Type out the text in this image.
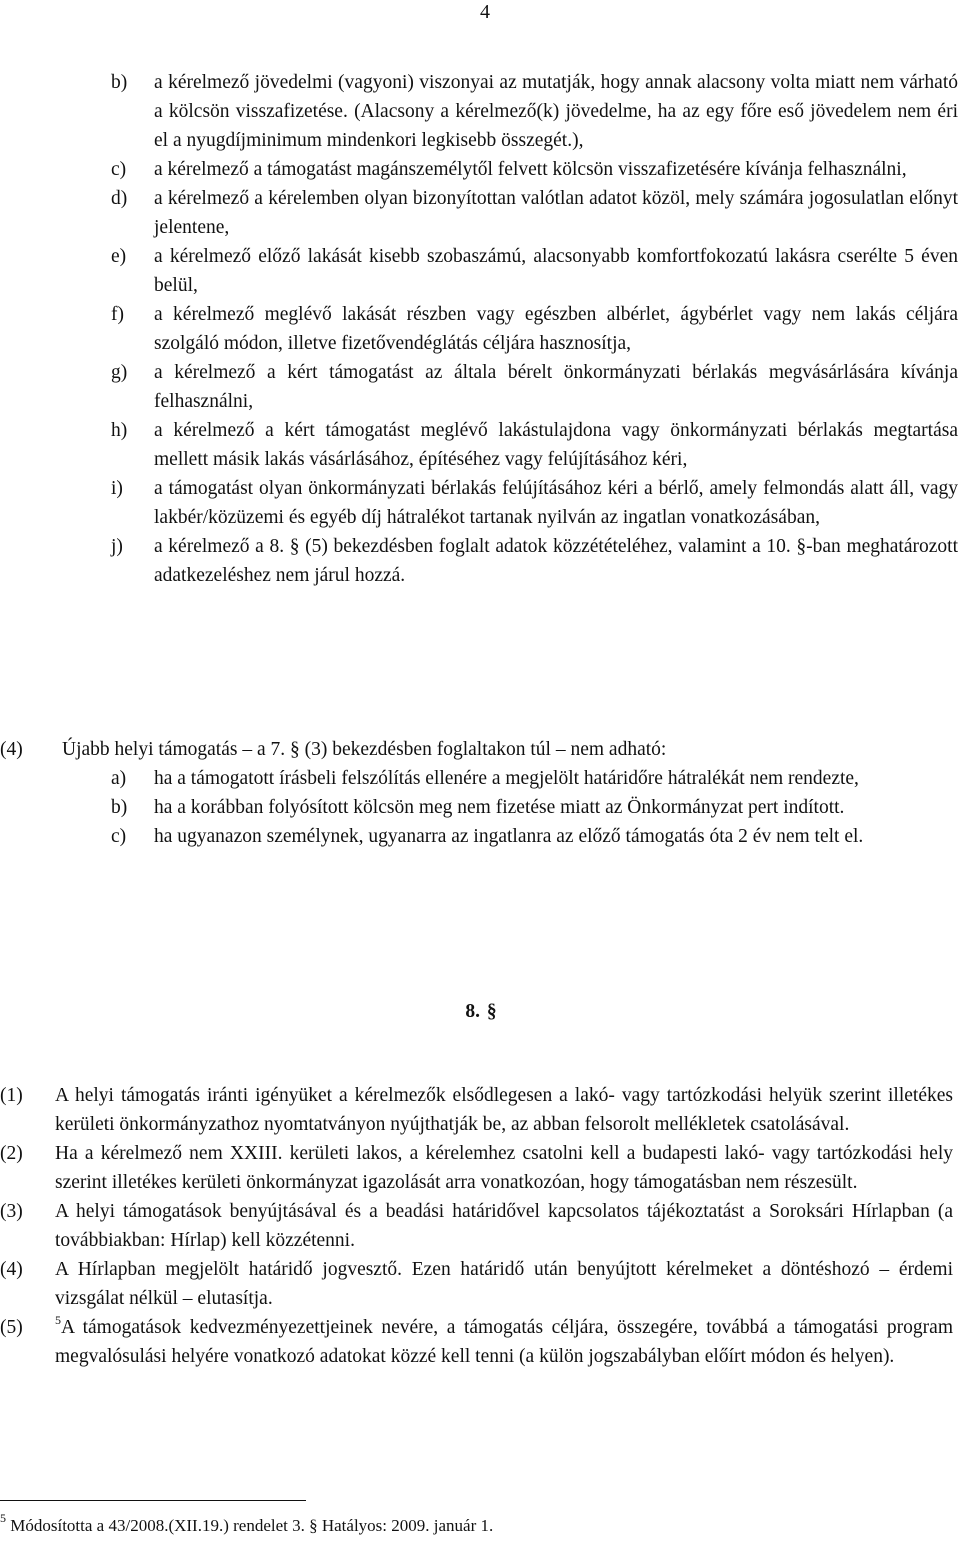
4
b)	a kérelmező jövedelmi (vagyoni) viszonyai az mutatják, hogy annak alacsony volta miatt nem várható a kölcsön visszafizetése. (Alacsony a kérelmező(k) jövedelme, ha az egy főre eső jövedelem nem éri el a nyugdíjminimum mindenkori legkisebb összegét.),
c)	a kérelmező a támogatást magánszemélytől felvett kölcsön visszafizetésére kívánja felhasználni,
d)	a kérelmező a kérelemben olyan bizonyítottan valótlan adatot közöl, mely számára jogosulatlan előnyt jelentene,
e)	a kérelmező előző lakását kisebb szobaszámú, alacsonyabb komfortfokozatú lakásra cserélte 5 éven belül,
f)	a kérelmező meglévő lakását részben vagy egészben albérlet, ágybérlet vagy nem lakás céljára szolgáló módon, illetve fizetővendéglátás céljára hasznosítja,
g)	a kérelmező a kért támogatást az általa bérelt önkormányzati bérlakás megvásárlására kívánja felhasználni,
h)	a kérelmező a kért támogatást meglévő lakástulajdona vagy önkormányzati bérlakás megtartása mellett másik lakás vásárlásához, építéséhez vagy felújításához kéri,
i)	a támogatást olyan önkormányzati bérlakás felújításához kéri a bérlő, amely felmondás alatt áll, vagy lakbér/közüzemi és egyéb díj hátralékot tartanak nyilván az ingatlan vonatkozásában,
j)	a kérelmező a 8. § (5) bekezdésben foglalt adatok közzétételéhez, valamint a 10. §-ban meghatározott adatkezeléshez nem járul hozzá.
(4)	Újabb helyi támogatás – a 7. § (3) bekezdésben foglaltakon túl – nem adható:
a)	ha a támogatott írásbeli felszólítás ellenére a megjelölt határidőre hátralékát nem rendezte,
b)	ha a korábban folyósított kölcsön meg nem fizetése miatt az Önkormányzat pert indított.
c)	ha ugyanazon személynek, ugyanarra az ingatlanra az előző támogatás óta 2 év nem telt el.
8. §
(1)	A helyi támogatás iránti igényüket a kérelmezők elsődlegesen a lakó- vagy tartózkodási helyük szerint illetékes kerületi önkormányzathoz nyomtatványon nyújthatják be, az abban felsorolt mellékletek csatolásával.
(2)	Ha a kérelmező nem XXIII. kerületi lakos, a kérelemhez csatolni kell a budapesti lakó- vagy tartózkodási hely szerint illetékes kerületi önkormányzat igazolását arra vonatkozóan, hogy támogatásban nem részesült.
(3)	A helyi támogatások benyújtásával és a beadási határidővel kapcsolatos tájékoztatást a Soroksári Hírlapban (a továbbiakban: Hírlap) kell közzétenni.
(4)	A Hírlapban megjelölt határidő jogvesztő. Ezen határidő után benyújtott kérelmeket a döntéshozó – érdemi vizsgálat nélkül – elutasítja.
(5)	$^5$A támogatások kedvezményezettjeinek nevére, a támogatás céljára, összegére, továbbá a támogatási program megvalósulási helyére vonatkozó adatokat közzé kell tenni (a külön jogszabályban előírt módon és helyen).
$^5$ Módosította a 43/2008.(XII.19.) rendelet 3. § Hatályos: 2009. január 1.
